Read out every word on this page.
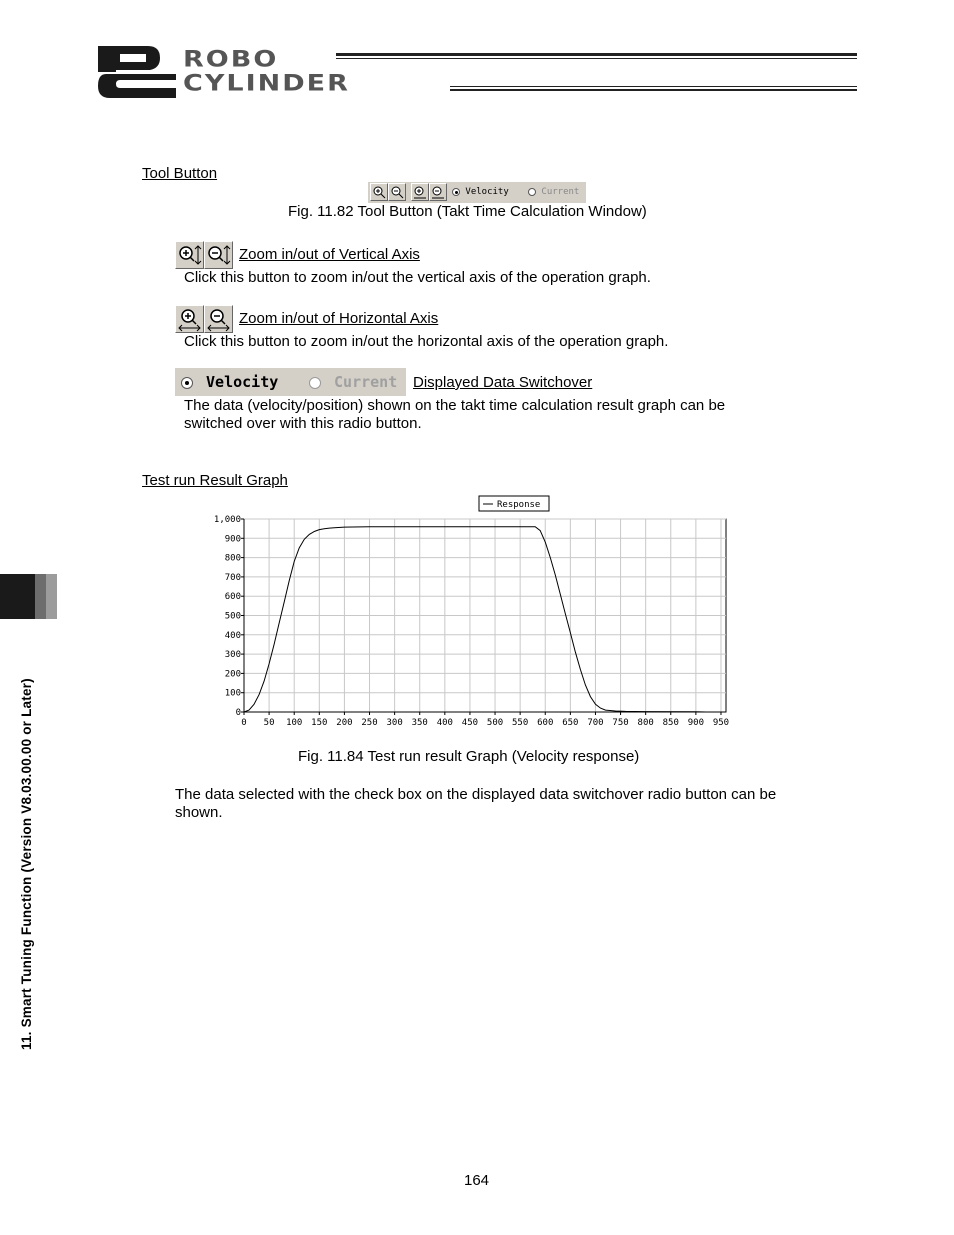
ROBO
CYLINDER
Tool Button
Velocity	Current
Fig. 11.82 Tool Button (Takt Time Calculation Window)
Zoom in/out of Vertical Axis
Click this button to zoom in/out the vertical axis of the operation graph.
Zoom in/out of Horizontal Axis
Click this button to zoom in/out the horizontal axis of the operation graph.
Velocity	Current Displayed Data Switchover
The data (velocity/position) shown on the takt time calculation result graph can be
switched over with this radio button.
Test run Result Graph
0 50 100 150 200 250 300 350 400 450 500 550 600 650 700 750 800 850 900 950
0
100
200
300
400
500
600
700
800
900
1,000
Response
Fig. 11.84 Test run result Graph (Velocity response)
The data selected with the check box on the displayed data switchover radio button can be
shown.
11. Smart Tuning Function (Version V8.03.00.00 or Later)
164
